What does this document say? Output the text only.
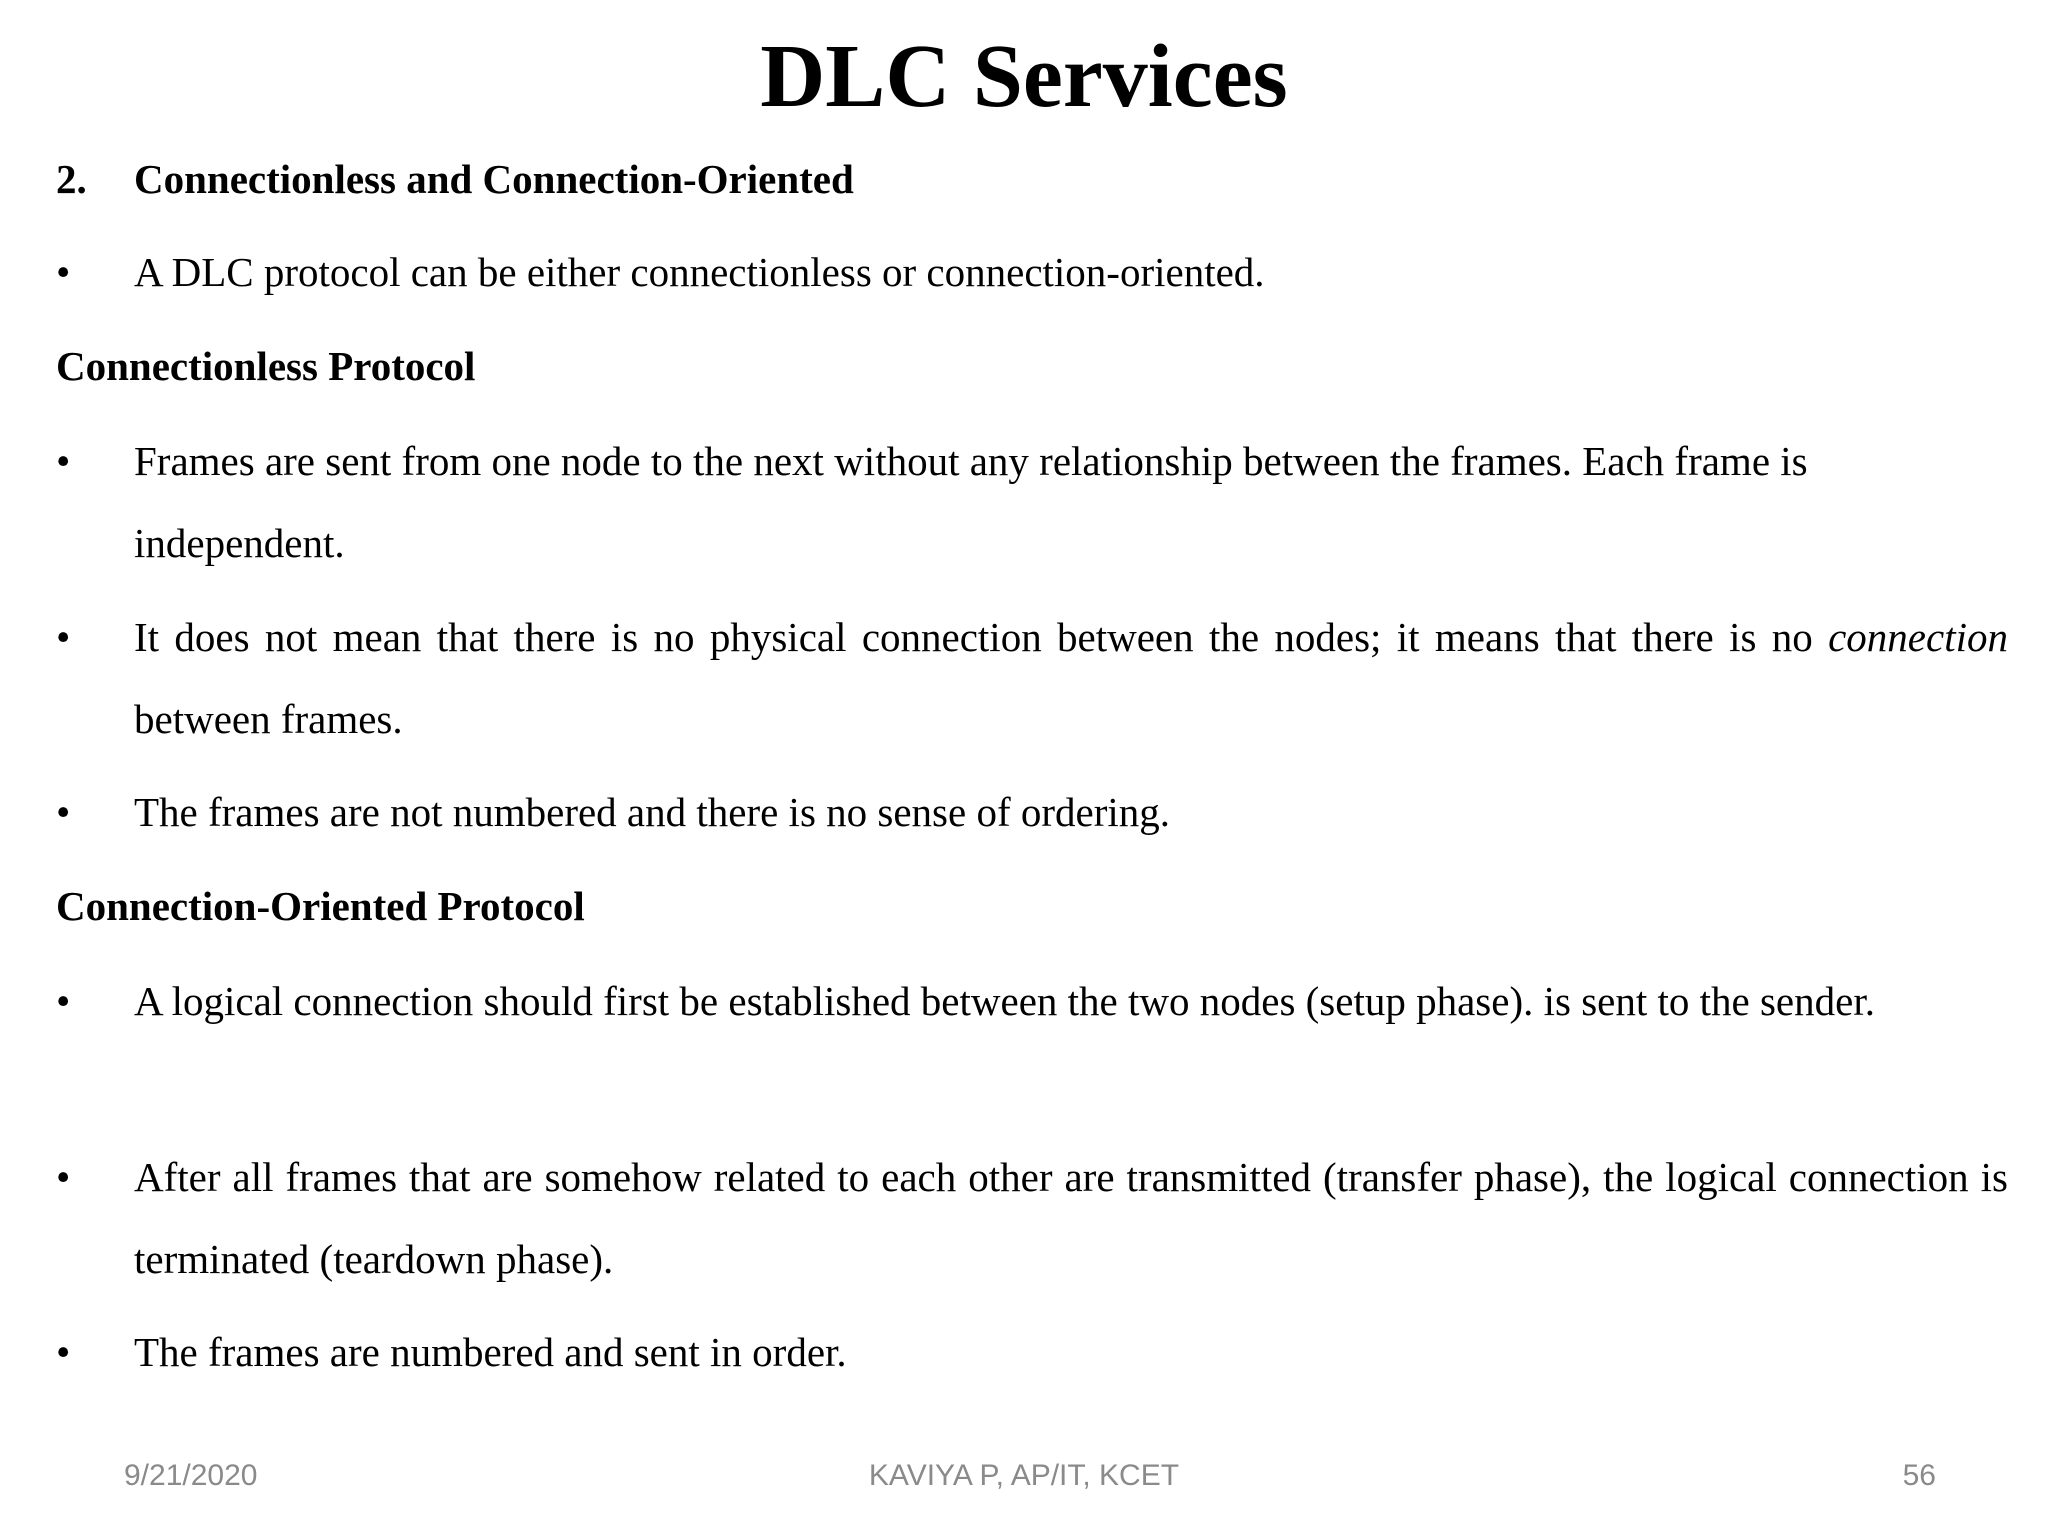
DLC Services
2. Connectionless and Connection-Oriented
• A DLC protocol can be either connectionless or connection-oriented.
Connectionless Protocol
• Frames are sent from one node to the next without any relationship between the frames. Each frame is independent.
• It does not mean that there is no physical connection between the nodes; it means that there is no connection between frames.
• The frames are not numbered and there is no sense of ordering.
Connection-Oriented Protocol
• A logical connection should first be established between the two nodes (setup phase). is sent to the sender.
• After all frames that are somehow related to each other are transmitted (transfer phase), the logical connection is terminated (teardown phase).
• The frames are numbered and sent in order.
9/21/2020	KAVIYA P, AP/IT, KCET	56
